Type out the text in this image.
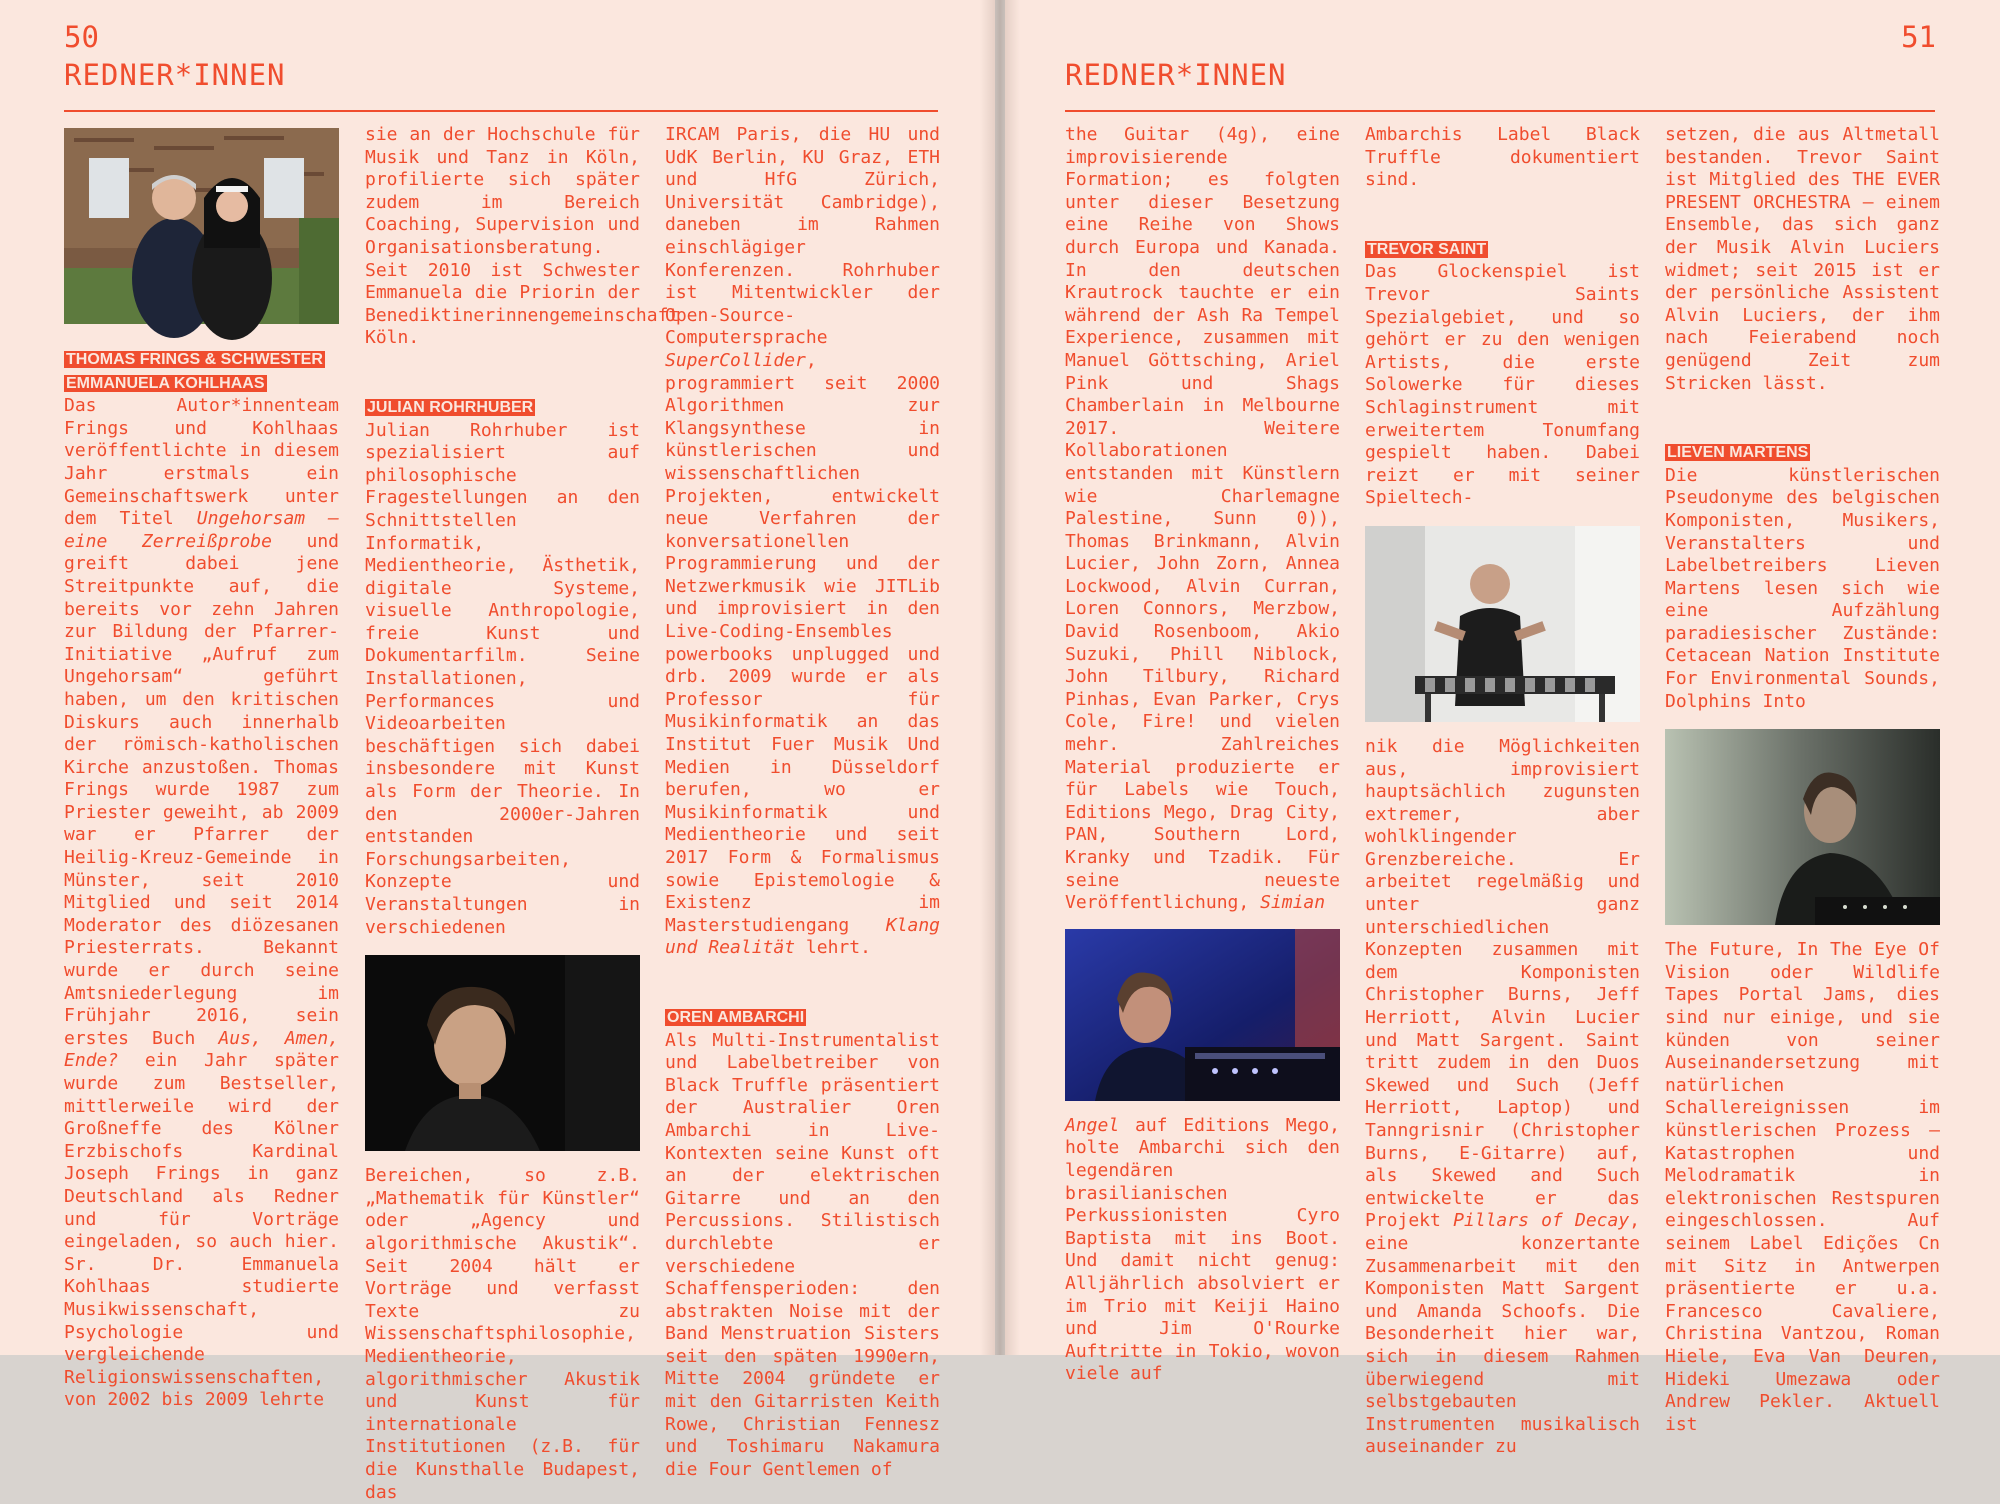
50
REDNER*INNEN
THOMAS FRINGS & SCHWESTER
EMMANUELA KOHLHAAS

Das Autor*innenteam Frings und Kohlhaas veröffentlichte in diesem Jahr erstmals ein Gemeinschaftswerk unter dem Titel Ungehorsam – eine Zerreißprobe und greift dabei jene Streitpunkte auf, die bereits vor zehn Jahren zur Bildung der Pfarrer-Initiative „Aufruf zum Ungehorsam“ geführt haben, um den kritischen Diskurs auch innerhalb der römisch-katholischen Kirche anzustoßen. Thomas Frings wurde 1987 zum Priester geweiht, ab 2009 war er Pfarrer der Heilig-Kreuz-Gemeinde in Münster, seit 2010 Mitglied und seit 2014 Moderator des diözesanen Priesterrats. Bekannt wurde er durch seine Amtsniederlegung im Frühjahr 2016, sein erstes Buch Aus, Amen, Ende? ein Jahr später wurde zum Bestseller, mittlerweile wird der Großneffe des Kölner Erzbischofs Kardinal Joseph Frings in ganz Deutschland als Redner und für Vorträge eingeladen, so auch hier. Sr. Dr. Emmanuela Kohlhaas studierte Musikwissenschaft, Psychologie und vergleichende Religionswissenschaften, von 2002 bis 2009 lehrte

sie an der Hochschule für Musik und Tanz in Köln, profilierte sich später zudem im Bereich Coaching, Supervision und Organisationsberatung. Seit 2010 ist Schwester Emmanuela die Priorin der Benediktinerinnengemeinschaft Köln.

JULIAN ROHRHUBER

Julian Rohrhuber ist spezialisiert auf philosophische Fragestellungen an den Schnittstellen Informatik, Medientheorie, Ästhetik, digitale Systeme, visuelle Anthropologie, freie Kunst und Dokumentarfilm. Seine Installationen, Performances und Videoarbeiten beschäftigen sich dabei insbesondere mit Kunst als Form der Theorie. In den 2000er-Jahren entstanden Forschungsarbeiten, Konzepte und Veranstaltungen in verschiedenen

Bereichen, so z.B. „Mathematik für Künstler“ oder „Agency und algorithmische Akustik“. Seit 2004 hält er Vorträge und verfasst Texte zu Wissenschaftsphilosophie, Medientheorie, algorithmischer Akustik und Kunst für internationale Institutionen (z.B. für die Kunsthalle Budapest, das

IRCAM Paris, die HU und UdK Berlin, KU Graz, ETH und HfG Zürich, Universität Cambridge), daneben im Rahmen einschlägiger Konferenzen. Rohrhuber ist Mitentwickler der Open-Source-Computersprache SuperCollider, programmiert seit 2000 Algorithmen zur Klangsynthese in künstlerischen und wissenschaftlichen Projekten, entwickelt neue Verfahren der konversationellen Programmierung und der Netzwerkmusik wie JITLib und improvisiert in den Live-Coding-Ensembles powerbooks unplugged und drb. 2009 wurde er als Professor für Musikinformatik an das Institut Fuer Musik Und Medien in Düsseldorf berufen, wo er Musikinformatik und Medientheorie und seit 2017 Form & Formalismus sowie Epistemologie & Existenz im Masterstudiengang Klang und Realität lehrt.

OREN AMBARCHI

Als Multi-Instrumentalist und Labelbetreiber von Black Truffle präsentiert der Australier Oren Ambarchi in Live-Kontexten seine Kunst oft an der elektrischen Gitarre und an den Percussions. Stilistisch durchlebte er verschiedene Schaffensperioden: den abstrakten Noise mit der Band Menstruation Sisters seit den späten 1990ern, Mitte 2004 gründete er mit den Gitarristen Keith Rowe, Christian Fennesz und Toshimaru Nakamura die Four Gentlemen of

51
REDNER*INNEN

the Guitar (4g), eine improvisierende Formation; es folgten unter dieser Besetzung eine Reihe von Shows durch Europa und Kanada. In den deutschen Krautrock tauchte er ein während der Ash Ra Tempel Experience, zusammen mit Manuel Göttsching, Ariel Pink und Shags Chamberlain in Melbourne 2017. Weitere Kollaborationen entstanden mit Künstlern wie Charlemagne Palestine, Sunn 0)), Thomas Brinkmann, Alvin Lucier, John Zorn, Annea Lockwood, Alvin Curran, Loren Connors, Merzbow, David Rosenboom, Akio Suzuki, Phill Niblock, John Tilbury, Richard Pinhas, Evan Parker, Crys Cole, Fire! und vielen mehr. Zahlreiches Material produzierte er für Labels wie Touch, Editions Mego, Drag City, PAN, Southern Lord, Kranky und Tzadik. Für seine neueste Veröffentlichung, Simian

Angel auf Editions Mego, holte Ambarchi sich den legendären brasilianischen Perkussionisten Cyro Baptista mit ins Boot. Und damit nicht genug: Alljährlich absolviert er im Trio mit Keiji Haino und Jim O'Rourke Auftritte in Tokio, wovon viele auf

Ambarchis Label Black Truffle dokumentiert sind.

TREVOR SAINT

Das Glockenspiel ist Trevor Saints Spezialgebiet, und so gehört er zu den wenigen Artists, die erste Solowerke für dieses Schlaginstrument mit erweitertem Tonumfang gespielt haben. Dabei reizt er mit seiner Spieltech-

nik die Möglichkeiten aus, improvisiert hauptsächlich zugunsten extremer, aber wohlklingender Grenzbereiche. Er arbeitet regelmäßig und unter ganz unterschiedlichen Konzepten zusammen mit dem Komponisten Christopher Burns, Jeff Herriott, Alvin Lucier und Matt Sargent. Saint tritt zudem in den Duos Skewed und Such (Jeff Herriott, Laptop) und Tanngrisnir (Christopher Burns, E-Gitarre) auf, als Skewed and Such entwickelte er das Projekt Pillars of Decay, eine konzertante Zusammenarbeit mit den Komponisten Matt Sargent und Amanda Schoofs. Die Besonderheit hier war, sich in diesem Rahmen überwiegend mit selbstgebauten Instrumenten musikalisch auseinander zu

setzen, die aus Altmetall bestanden. Trevor Saint ist Mitglied des THE EVER PRESENT ORCHESTRA – einem Ensemble, das sich ganz der Musik Alvin Luciers widmet; seit 2015 ist er der persönliche Assistent Alvin Luciers, der ihm nach Feierabend noch genügend Zeit zum Stricken lässt.

LIEVEN MARTENS

Die künstlerischen Pseudonyme des belgischen Komponisten, Musikers, Veranstalters und Labelbetreibers Lieven Martens lesen sich wie eine Aufzählung paradiesischer Zustände: Cetacean Nation Institute For Environmental Sounds, Dolphins Into

The Future, In The Eye Of Vision oder Wildlife Tapes Portal Jams, dies sind nur einige, und sie künden von seiner Auseinandersetzung mit natürlichen Schallereignissen im künstlerischen Prozess – Katastrophen und Melodramatik in elektronischen Restspuren eingeschlossen. Auf seinem Label Edições Cn mit Sitz in Antwerpen präsentierte er u.a. Francesco Cavaliere, Christina Vantzou, Roman Hiele, Eva Van Deuren, Hideki Umezawa oder Andrew Pekler. Aktuell ist
